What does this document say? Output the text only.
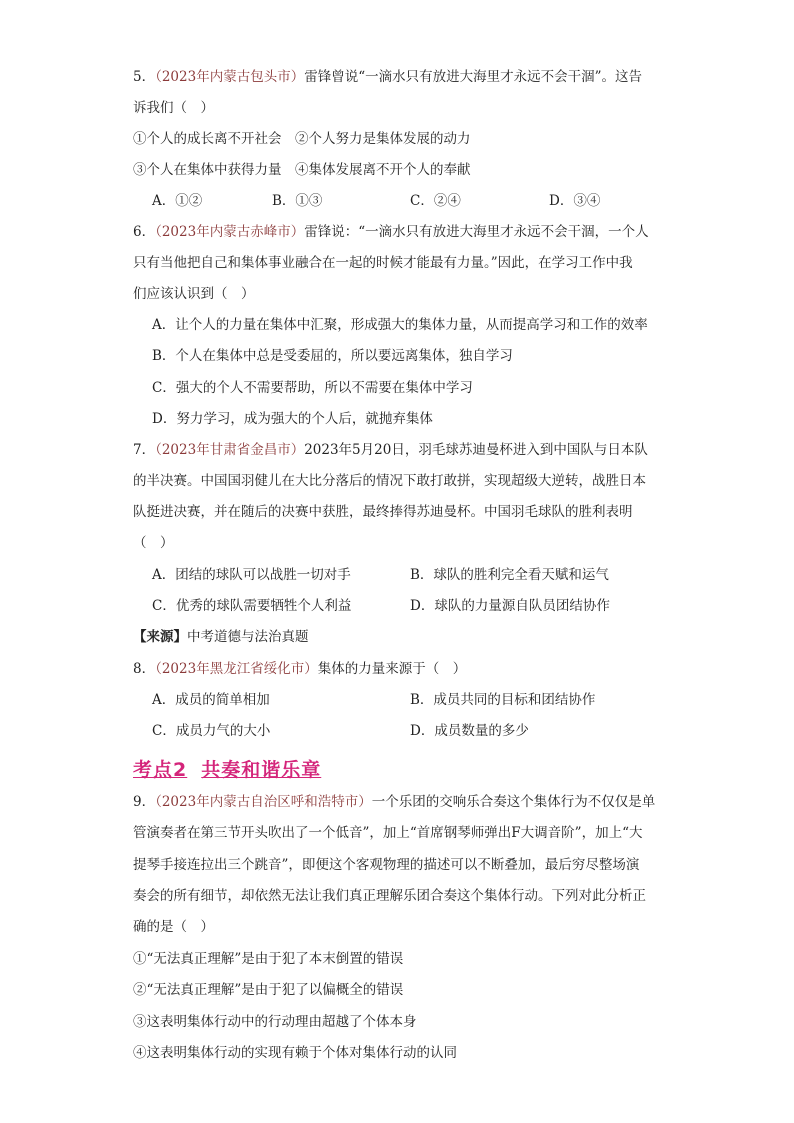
5．（2023年内蒙古包头市）雷锋曾说“一滴水只有放进大海里才永远不会干涸”。这告
诉我们（　）
①个人的成长离不开社会　②个人努力是集体发展的动力
③个人在集体中获得力量　④集体发展离不开个人的奉献
A．①②	B．①③	C．②④	D．③④
6．（2023年内蒙古赤峰市）雷锋说：“一滴水只有放进大海里才永远不会干涸，一个人
只有当他把自己和集体事业融合在一起的时候才能最有力量。”因此，在学习工作中我
们应该认识到（　）
A．让个人的力量在集体中汇聚，形成强大的集体力量，从而提高学习和工作的效率
B．个人在集体中总是受委屈的，所以要远离集体，独自学习
C．强大的个人不需要帮助，所以不需要在集体中学习
D．努力学习，成为强大的个人后，就抛弃集体
7．（2023年甘肃省金昌市）2023年5月20日，羽毛球苏迪曼杯进入到中国队与日本队
的半决赛。中国国羽健儿在大比分落后的情况下敢打敢拼，实现超级大逆转，战胜日本
队挺进决赛，并在随后的决赛中获胜，最终捧得苏迪曼杯。中国羽毛球队的胜利表明
（　）
A．团结的球队可以战胜一切对手	B．球队的胜利完全看天赋和运气
C．优秀的球队需要牺牲个人利益	D．球队的力量源自队员团结协作
【来源】中考道德与法治真题
8．（2023年黑龙江省绥化市）集体的力量来源于（　）
A．成员的简单相加	B．成员共同的目标和团结协作
C．成员力气的大小	D．成员数量的多少
考点2 共奏和谐乐章
9．（2023年内蒙古自治区呼和浩特市）一个乐团的交响乐合奏这个集体行为不仅仅是单
管演奏者在第三节开头吹出了一个低音”，加上“首席钢琴师弹出F大调音阶”，加上“大
提琴手接连拉出三个跳音”，即便这个客观物理的描述可以不断叠加，最后穷尽整场演
奏会的所有细节，却依然无法让我们真正理解乐团合奏这个集体行动。下列对此分析正
确的是（　）
①“无法真正理解”是由于犯了本末倒置的错误
②“无法真正理解”是由于犯了以偏概全的错误
③这表明集体行动中的行动理由超越了个体本身
④这表明集体行动的实现有赖于个体对集体行动的认同
